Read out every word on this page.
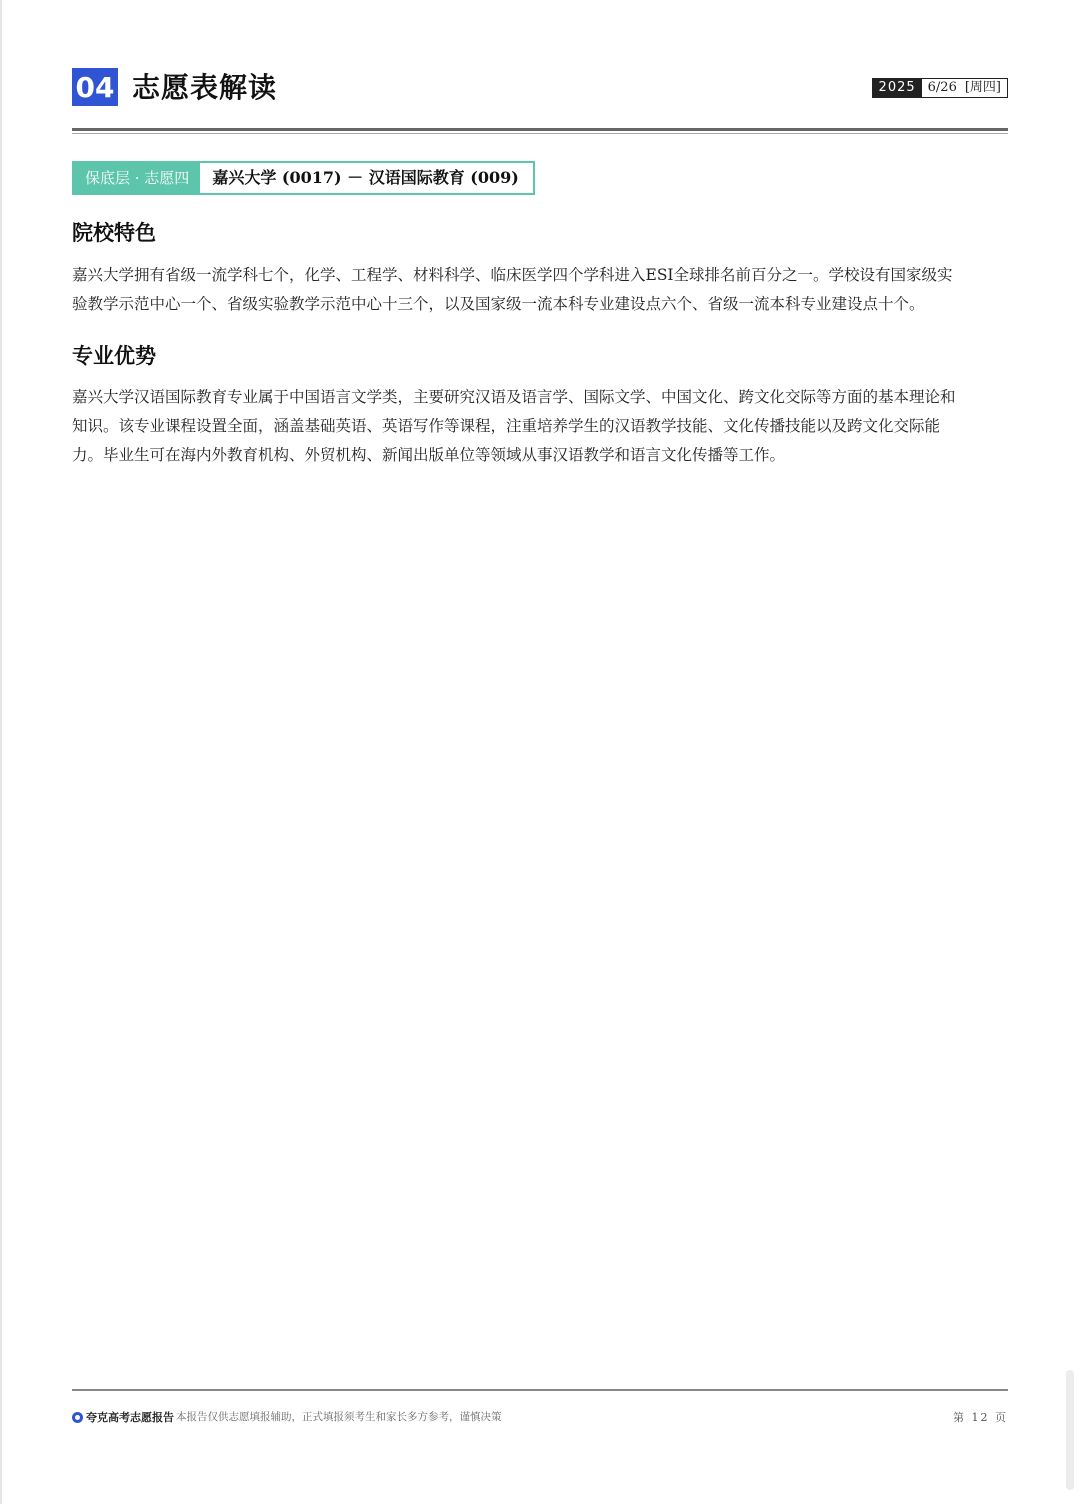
04 志愿表解读	2025 6/26 [周四]
保底层 · 志愿四	嘉兴大学 (0017) － 汉语国际教育 (009)
院校特色
嘉兴大学拥有省级一流学科七个，化学、工程学、材料科学、临床医学四个学科进入ESI全球排名前百分之一。学校设有国家级实
验教学示范中心一个、省级实验教学示范中心十三个，以及国家级一流本科专业建设点六个、省级一流本科专业建设点十个。
专业优势
嘉兴大学汉语国际教育专业属于中国语言文学类，主要研究汉语及语言学、国际文学、中国文化、跨文化交际等方面的基本理论和
知识。该专业课程设置全面，涵盖基础英语、英语写作等课程，注重培养学生的汉语教学技能、文化传播技能以及跨文化交际能
力。毕业生可在海内外教育机构、外贸机构、新闻出版单位等领域从事汉语教学和语言文化传播等工作。
夸克高考志愿报告 本报告仅供志愿填报辅助，正式填报须考生和家长多方参考，谨慎决策	第 12 页
